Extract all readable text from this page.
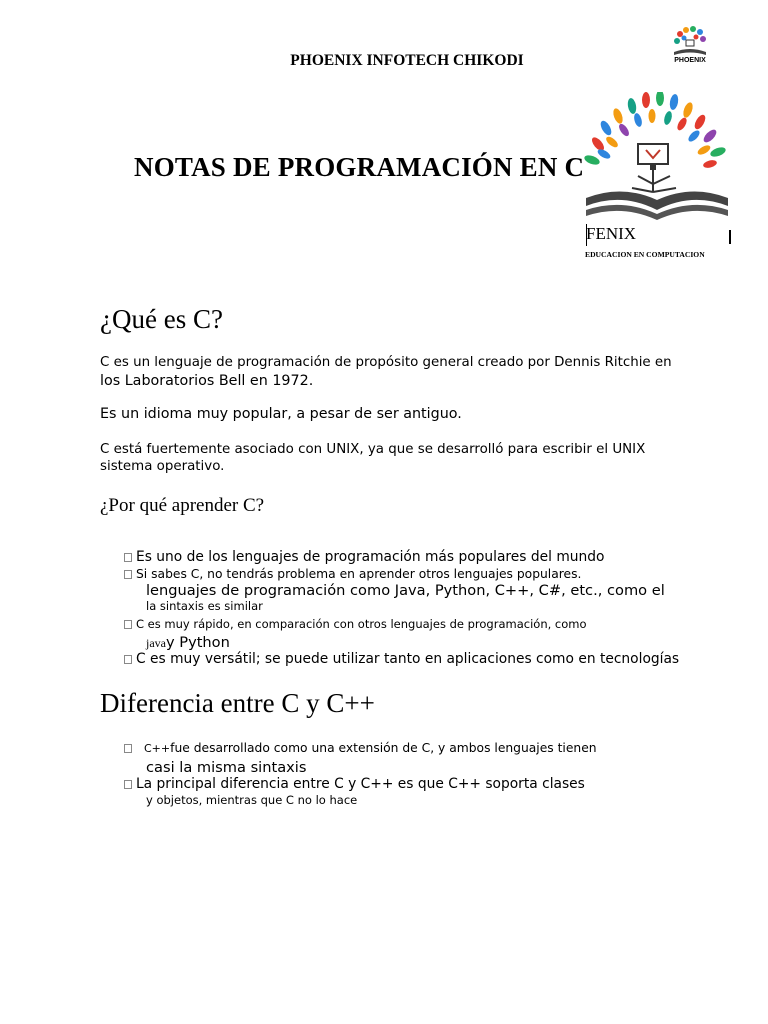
PHOENIX INFOTECH CHIKODI	PHOENIX
NOTAS DE PROGRAMACIÓN EN C
FENIX
EDUCACION EN COMPUTACION
¿Qué es C?
C es un lenguaje de programación de propósito general creado por Dennis Ritchie en
los Laboratorios Bell en 1972.
Es un idioma muy popular, a pesar de ser antiguo.
C está fuertemente asociado con UNIX, ya que se desarrolló para escribir el UNIX
sistema operativo.
¿Por qué aprender C?
Es uno de los lenguajes de programación más populares del mundo
Si sabes C, no tendrás problema en aprender otros lenguajes populares.
lenguajes de programación como Java, Python, C++, C#, etc., como el
la sintaxis es similar
C es muy rápido, en comparación con otros lenguajes de programación, como
javay Python
C es muy versátil; se puede utilizar tanto en aplicaciones como en tecnologías
Diferencia entre C y C++
C++fue desarrollado como una extensión de C, y ambos lenguajes tienen
casi la misma sintaxis
La principal diferencia entre C y C++ es que C++ soporta clases
y objetos, mientras que C no lo hace
